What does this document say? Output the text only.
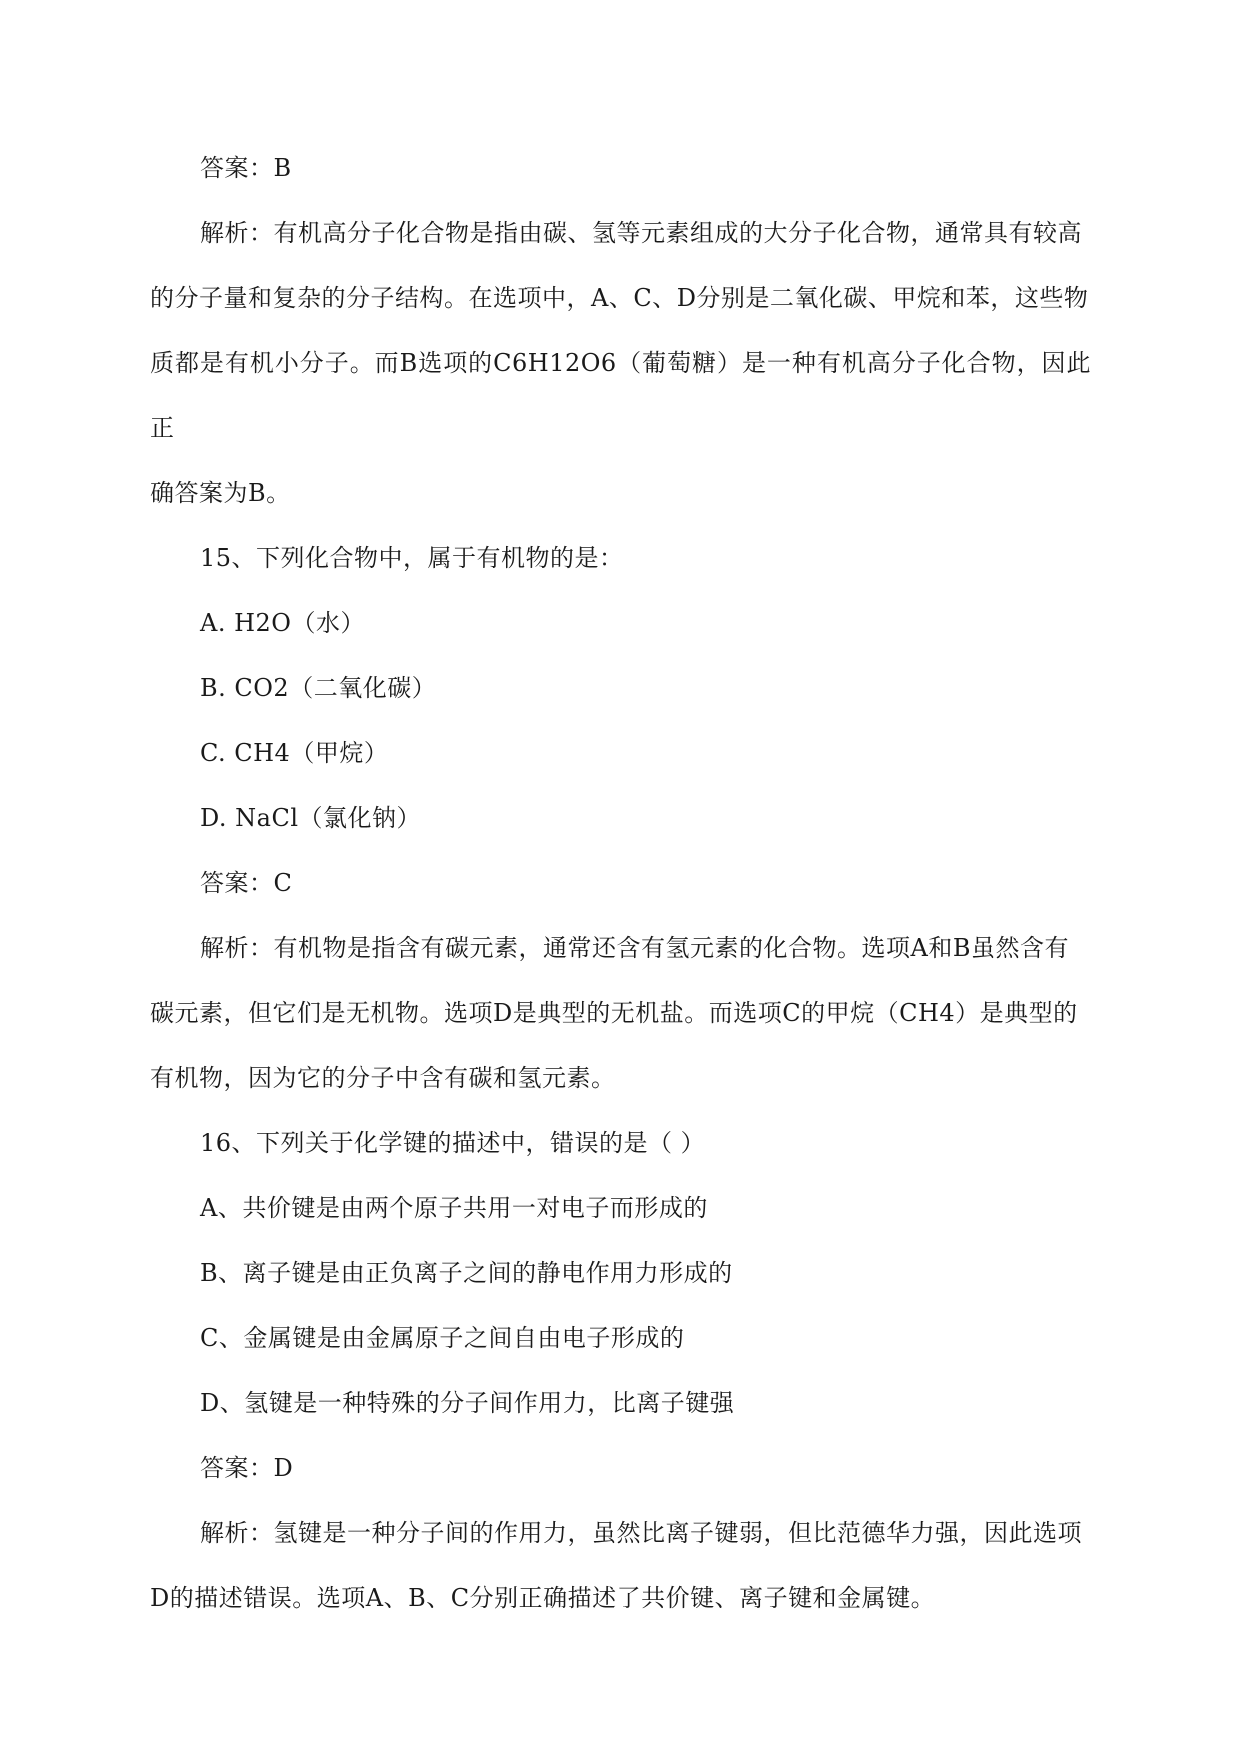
答案：B

解析：有机高分子化合物是指由碳、氢等元素组成的大分子化合物，通常具有较高

的分子量和复杂的分子结构。在选项中，A、C、D分别是二氧化碳、甲烷和苯，这些物
质都是有机小分子。而B选项的C6H12O6（葡萄糖）是一种有机高分子化合物，因此正
确答案为B。

15、下列化合物中，属于有机物的是：

A. H2O（水）

B. CO2（二氧化碳）

C. CH4（甲烷）

D. NaCl（氯化钠）

答案：C

解析：有机物是指含有碳元素，通常还含有氢元素的化合物。选项A和B虽然含有

碳元素，但它们是无机物。选项D是典型的无机盐。而选项C的甲烷（CH4）是典型的
有机物，因为它的分子中含有碳和氢元素。

16、下列关于化学键的描述中，错误的是（ ）

A、共价键是由两个原子共用一对电子而形成的

B、离子键是由正负离子之间的静电作用力形成的

C、金属键是由金属原子之间自由电子形成的

D、氢键是一种特殊的分子间作用力，比离子键强

答案：D

解析：氢键是一种分子间的作用力，虽然比离子键弱，但比范德华力强，因此选项

D的描述错误。选项A、B、C分别正确描述了共价键、离子键和金属键。
